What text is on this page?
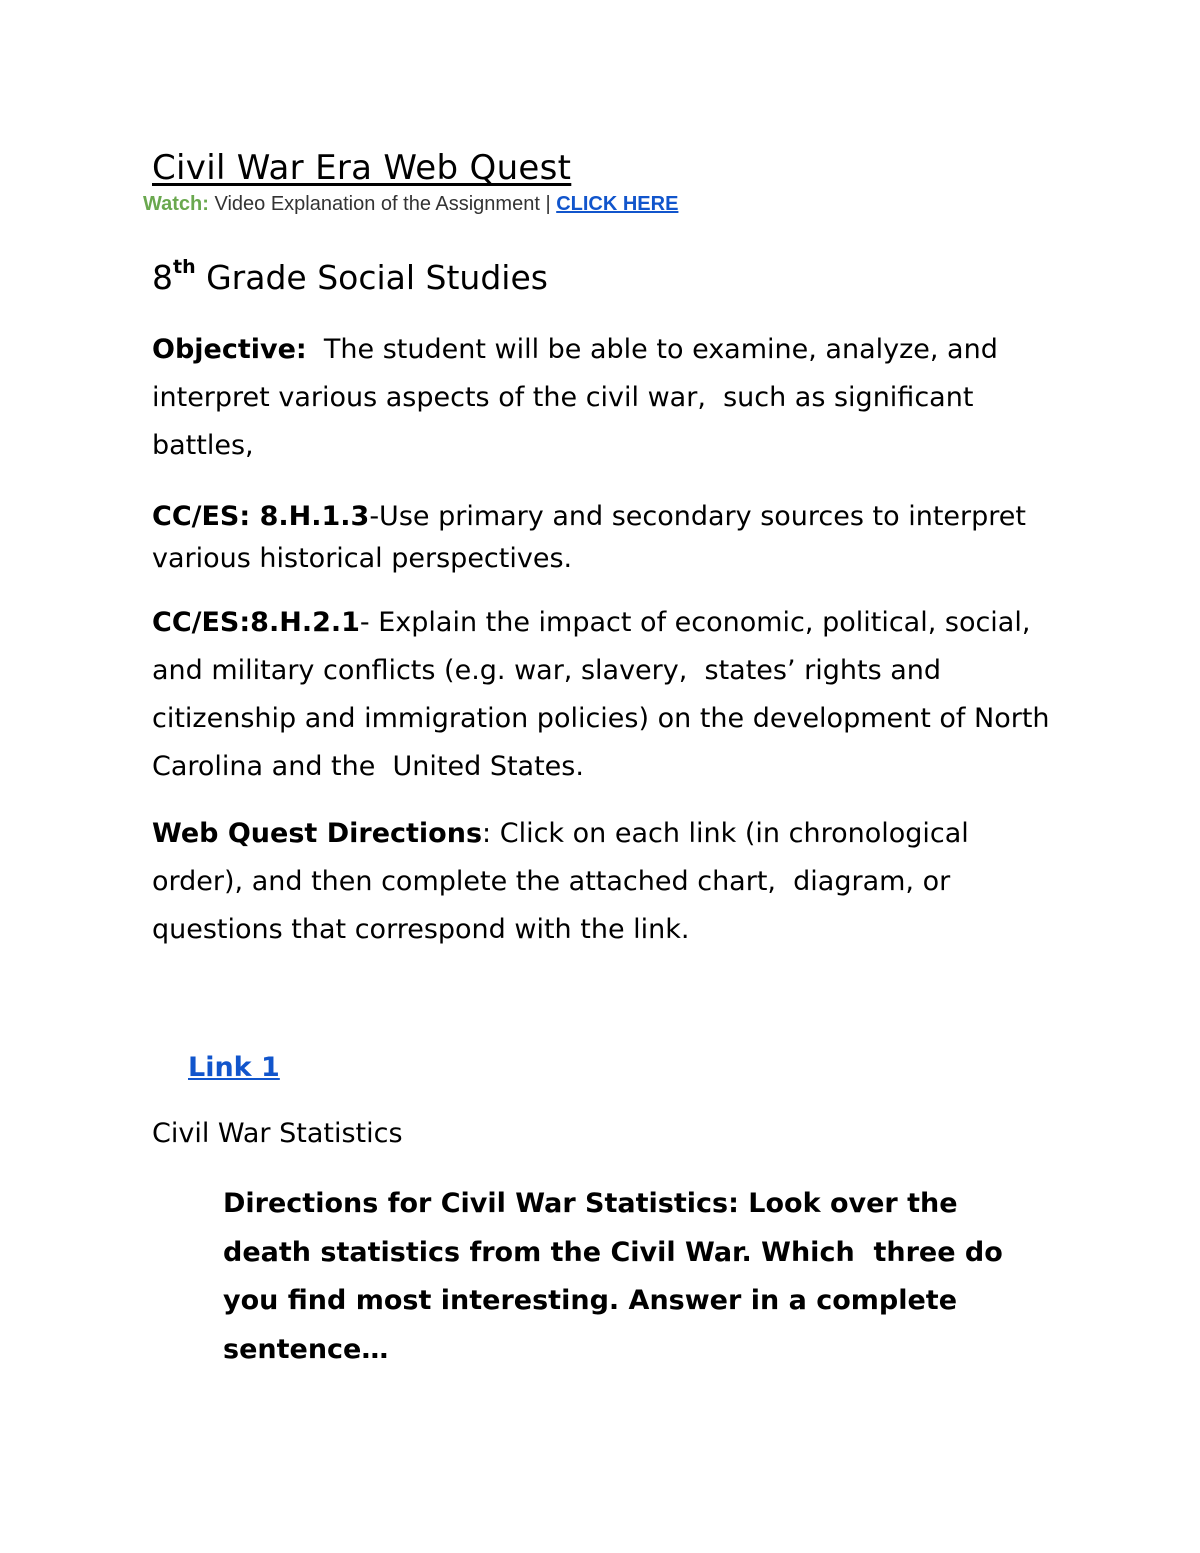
Civil War Era Web Quest
Watch: Video Explanation of the Assignment | CLICK HERE
8th Grade Social Studies

Objective:  The student will be able to examine, analyze, and interpret various aspects of the civil war,  such as significant battles,

CC/ES: 8.H.1.3-Use primary and secondary sources to interpret various historical perspectives.

CC/ES:8.H.2.1- Explain the impact of economic, political, social, and military conflicts (e.g. war, slavery,  states’ rights and citizenship and immigration policies) on the development of North Carolina and the  United States.

Web Quest Directions: Click on each link (in chronological order), and then complete the attached chart,  diagram, or questions that correspond with the link.

Link 1
Civil War Statistics

Directions for Civil War Statistics: Look over the death statistics from the Civil War. Which  three do you find most interesting. Answer in a complete sentence…
